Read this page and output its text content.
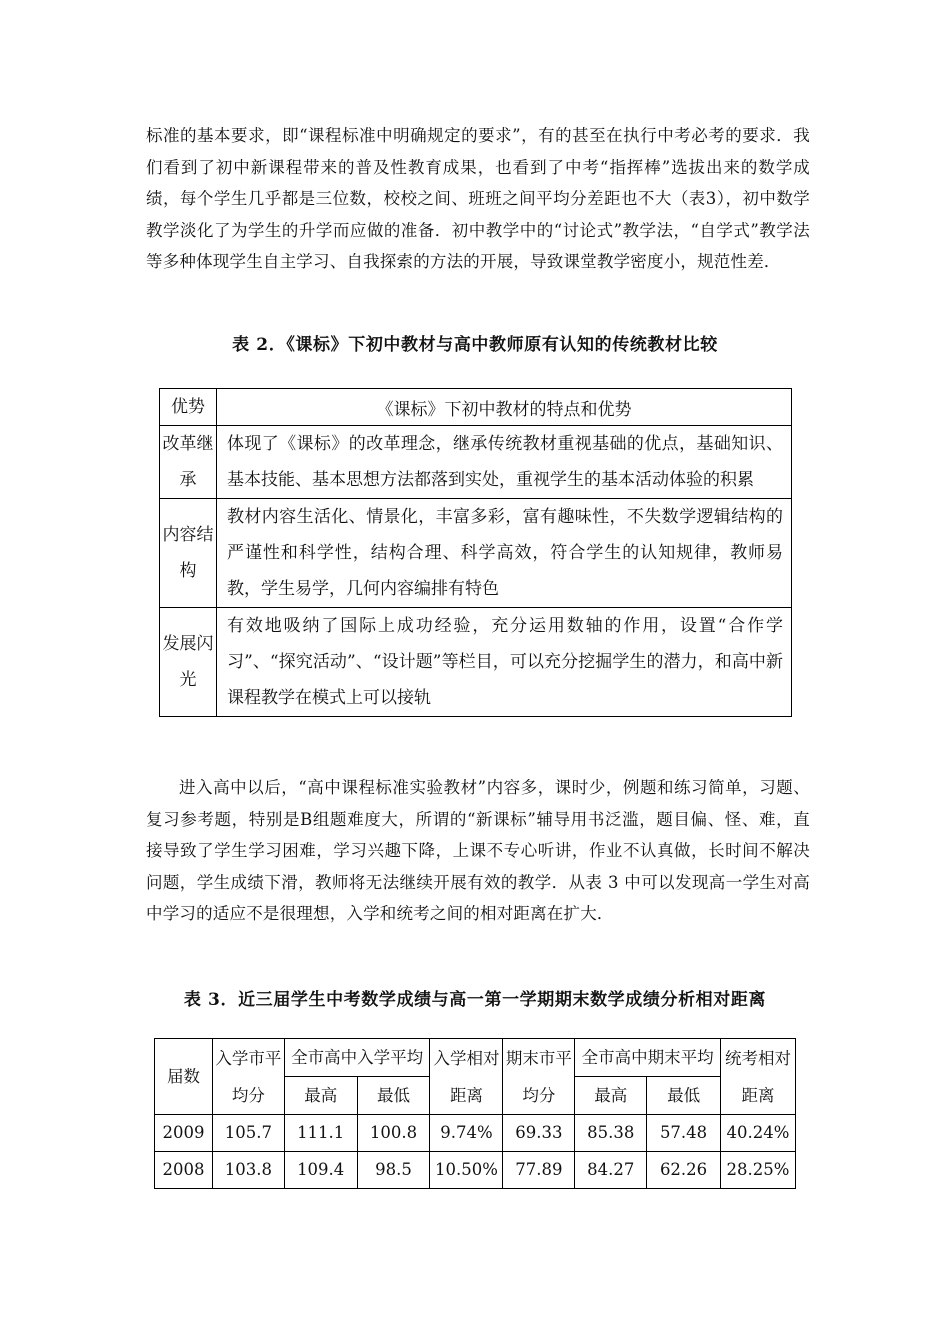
标准的基本要求，即“课程标准中明确规定的要求”，有的甚至在执行中考必考的要求．我们看到了初中新课程带来的普及性教育成果，也看到了中考“指挥棒”选拔出来的数学成绩，每个学生几乎都是三位数，校校之间、班班之间平均分差距也不大（表3），初中数学教学淡化了为学生的升学而应做的准备．初中教学中的“讨论式”教学法，“自学式”教学法等多种体现学生自主学习、自我探索的方法的开展，导致课堂教学密度小，规范性差．

表 2．《课标》下初中教材与高中教师原有认知的传统教材比较

优势	《课标》下初中教材的特点和优势
改革继承	体现了《课标》的改革理念，继承传统教材重视基础的优点，基础知识、基本技能、基本思想方法都落到实处，重视学生的基本活动体验的积累
内容结构	教材内容生活化、情景化，丰富多彩，富有趣味性，不失数学逻辑结构的严谨性和科学性，结构合理、科学高效，符合学生的认知规律，教师易教，学生易学，几何内容编排有特色
发展闪光	有效地吸纳了国际上成功经验，充分运用数轴的作用，设置“合作学习”、“探究活动”、“设计题”等栏目，可以充分挖掘学生的潜力，和高中新课程教学在模式上可以接轨

进入高中以后，“高中课程标准实验教材”内容多，课时少，例题和练习简单，习题、复习参考题，特别是B组题难度大，所谓的“新课标”辅导用书泛滥，题目偏、怪、难，直接导致了学生学习困难，学习兴趣下降，上课不专心听讲，作业不认真做，长时间不解决问题，学生成绩下滑，教师将无法继续开展有效的教学．从表 3 中可以发现高一学生对高中学习的适应不是很理想，入学和统考之间的相对距离在扩大．

表 3．近三届学生中考数学成绩与高一第一学期期末数学成绩分析相对距离

届数	入学市平均分	全市高中入学平均		入学相对距离	期末市平均分	全市高中期末平均		统考相对距离
		最高	最低			最高	最低	
2009	105.7	111.1	100.8	9.74%	69.33	85.38	57.48	40.24%
2008	103.8	109.4	98.5	10.50%	77.89	84.27	62.26	28.25%
